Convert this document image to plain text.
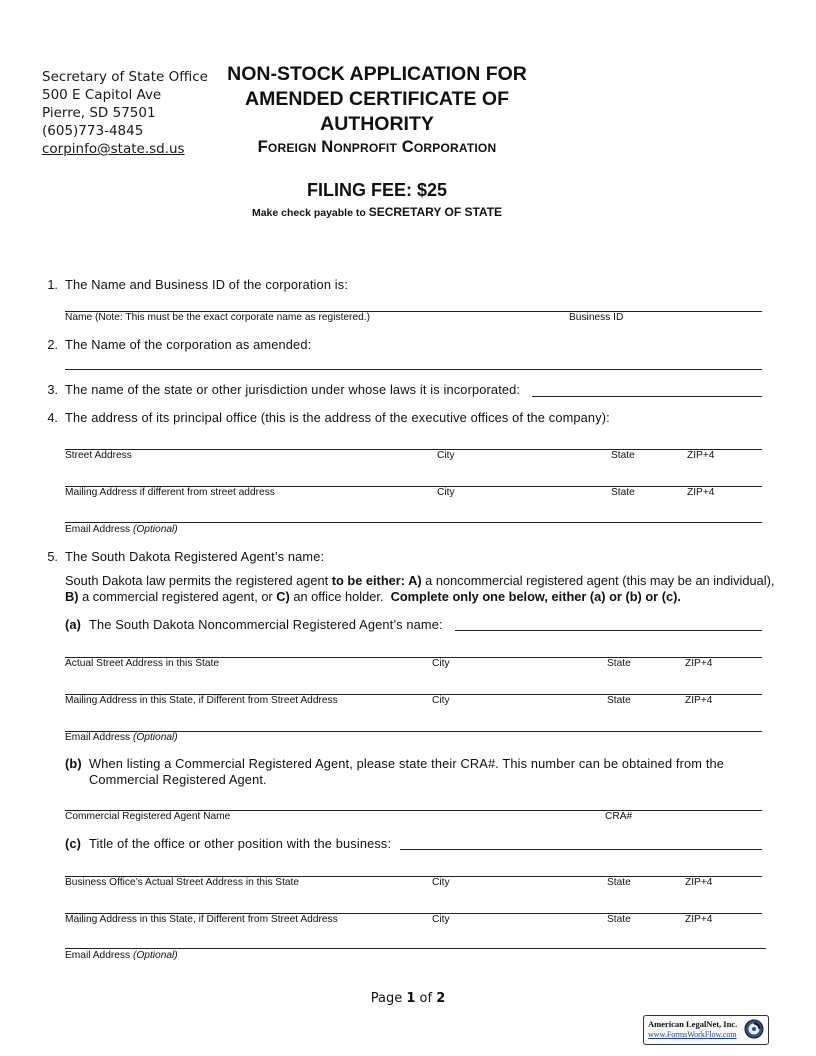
Secretary of State Office
500 E Capitol Ave
Pierre, SD 57501
(605)773-4845
corpinfo@state.sd.us
NON-STOCK APPLICATION FOR
AMENDED CERTIFICATE OF
AUTHORITY
Foreign Nonprofit Corporation
FILING FEE: $25
Make check payable to SECRETARY OF STATE
1. The Name and Business ID of the corporation is:
Name (Note: This must be the exact corporate name as registered.)	Business ID
2. The Name of the corporation as amended:
3. The name of the state or other jurisdiction under whose laws it is incorporated:
4. The address of its principal office (this is the address of the executive offices of the company):
Street Address	City	State	ZIP+4
Mailing Address if different from street address	City	State	ZIP+4
Email Address (Optional)
5. The South Dakota Registered Agent’s name:
South Dakota law permits the registered agent to be either: A) a noncommercial registered agent (this may be an individual), B) a commercial registered agent, or C) an office holder. Complete only one below, either (a) or (b) or (c).
(a) The South Dakota Noncommercial Registered Agent’s name:
Actual Street Address in this State	City	State	ZIP+4
Mailing Address in this State, if Different from Street Address	City	State	ZIP+4
Email Address (Optional)
(b) When listing a Commercial Registered Agent, please state their CRA#. This number can be obtained from the
Commercial Registered Agent.
Commercial Registered Agent Name	CRA#
(c) Title of the office or other position with the business:
Business Office’s Actual Street Address in this State	City	State	ZIP+4
Mailing Address in this State, if Different from Street Address	City	State	ZIP+4
Email Address (Optional)
Page 1 of 2
American LegalNet, Inc.
www.FormsWorkFlow.com
